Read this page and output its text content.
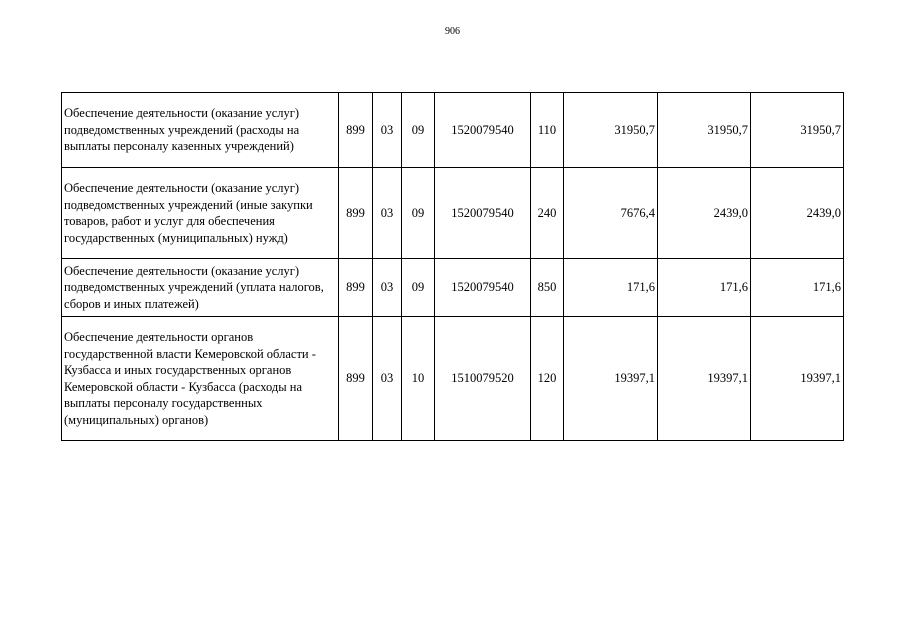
906
Обеспечение деятельности (оказание услуг) подведомственных учреждений (расходы на выплаты персоналу казенных учреждений)	899	03	09	1520079540	110	31950,7	31950,7	31950,7
Обеспечение деятельности (оказание услуг) подведомственных учреждений (иные закупки товаров, работ и услуг для обеспечения государственных (муниципальных) нужд)	899	03	09	1520079540	240	7676,4	2439,0	2439,0
Обеспечение деятельности (оказание услуг) подведомственных учреждений (уплата налогов, сборов и иных платежей)	899	03	09	1520079540	850	171,6	171,6	171,6
Обеспечение деятельности органов государственной власти Кемеровской области - Кузбасса и иных государственных органов Кемеровской области - Кузбасса (расходы на выплаты персоналу государственных (муниципальных) органов)	899	03	10	1510079520	120	19397,1	19397,1	19397,1
